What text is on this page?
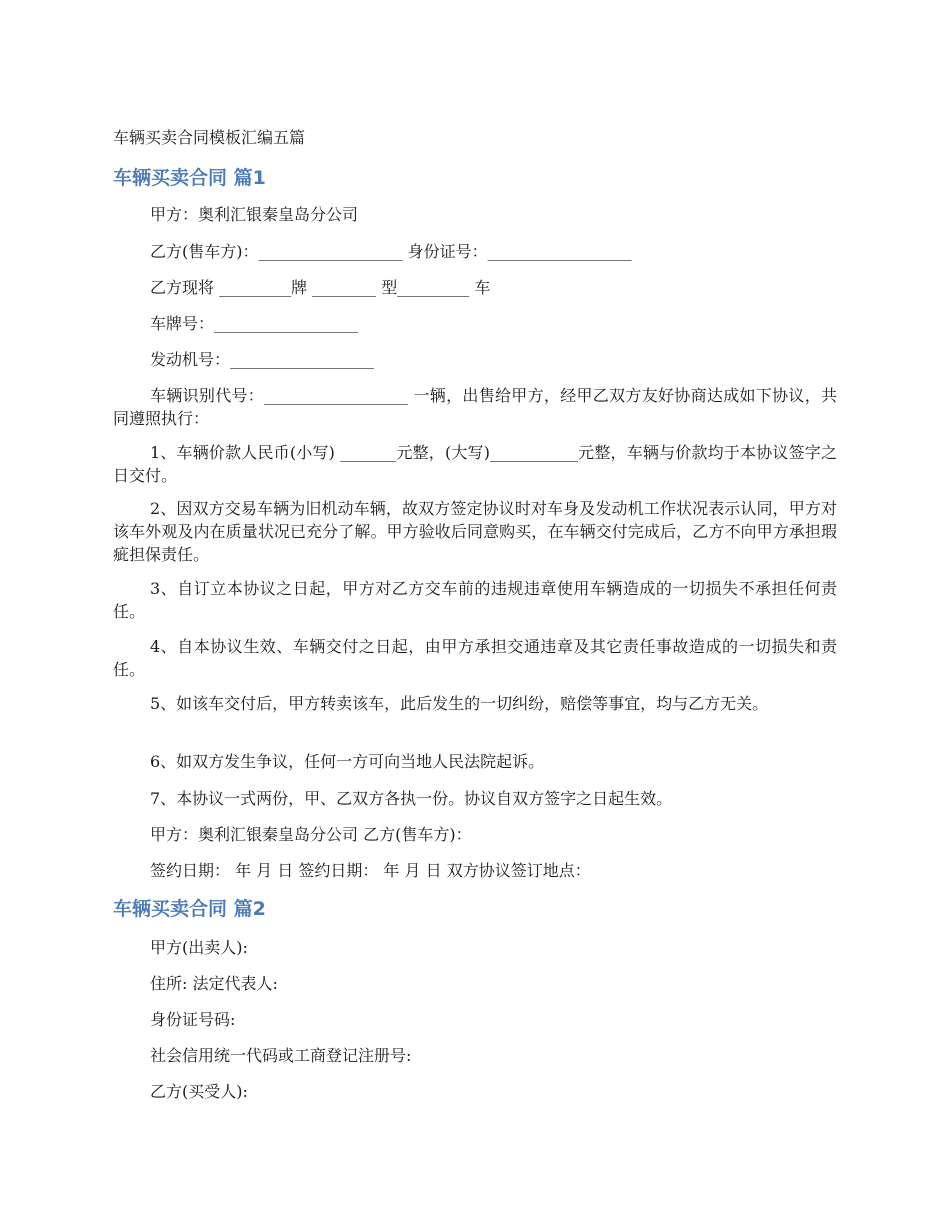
车辆买卖合同模板汇编五篇
车辆买卖合同 篇1

甲方：奥利汇银秦皇岛分公司

乙方(售车方)：__________________ 身份证号：__________________

乙方现将 _________牌 ________ 型_________ 车

车牌号：__________________

发动机号：__________________

车辆识别代号：__________________ 一辆，出售给甲方，经甲乙双方友好协商达成如下协议，共同遵照执行：

1、车辆价款人民币(小写) _______元整，(大写)___________元整，车辆与价款均于本协议签字之日交付。

2、因双方交易车辆为旧机动车辆，故双方签定协议时对车身及发动机工作状况表示认同，甲方对该车外观及内在质量状况已充分了解。甲方验收后同意购买，在车辆交付完成后，乙方不向甲方承担瑕疵担保责任。

3、自订立本协议之日起，甲方对乙方交车前的违规违章使用车辆造成的一切损失不承担任何责任。

4、自本协议生效、车辆交付之日起，由甲方承担交通违章及其它责任事故造成的一切损失和责任。

5、如该车交付后，甲方转卖该车，此后发生的一切纠纷，赔偿等事宜，均与乙方无关。

6、如双方发生争议，任何一方可向当地人民法院起诉。

7、本协议一式两份，甲、乙双方各执一份。协议自双方签字之日起生效。

甲方：奥利汇银秦皇岛分公司 乙方(售车方)：

签约日期： 年 月 日 签约日期： 年 月 日 双方协议签订地点：

车辆买卖合同 篇2

甲方(出卖人):

住所: 法定代表人:

身份证号码:

社会信用统一代码或工商登记注册号:

乙方(买受人):
